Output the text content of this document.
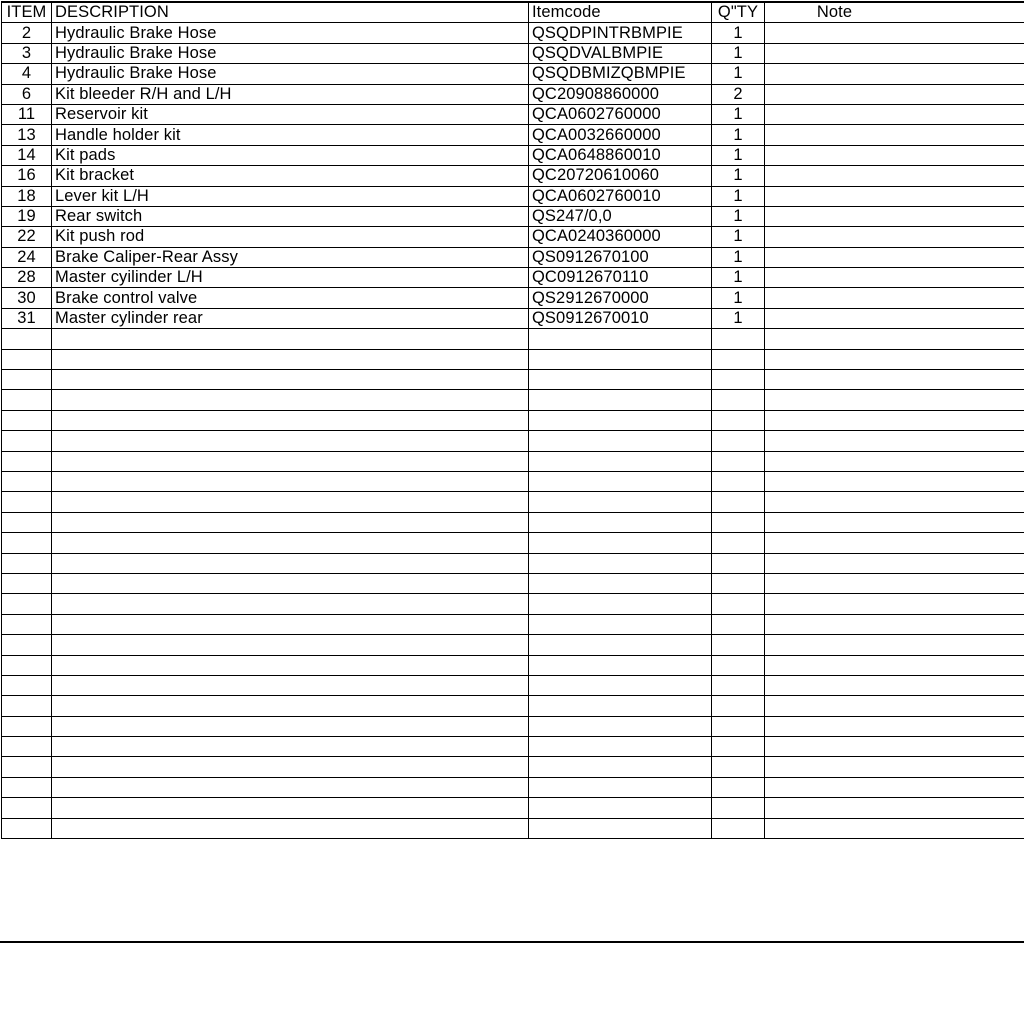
ITEM	DESCRIPTION	Itemcode	Q"TY	Note
2	Hydraulic Brake Hose	QSQDPINTRBMPIE	1	
3	Hydraulic Brake Hose	QSQDVALBMPIE	1	
4	Hydraulic Brake Hose	QSQDBMIZQBMPIE	1	
6	Kit bleeder R/H and L/H	QC20908860000	2	
11	Reservoir kit	QCA0602760000	1	
13	Handle holder kit	QCA0032660000	1	
14	Kit pads	QCA0648860010	1	
16	Kit bracket	QC20720610060	1	
18	Lever kit L/H	QCA0602760010	1	
19	Rear switch	QS247/0,0	1	
22	Kit push rod	QCA0240360000	1	
24	Brake Caliper-Rear Assy	QS0912670100	1	
28	Master cyilinder L/H	QC0912670110	1	
30	Brake control valve	QS2912670000	1	
31	Master cylinder rear	QS0912670010	1	
